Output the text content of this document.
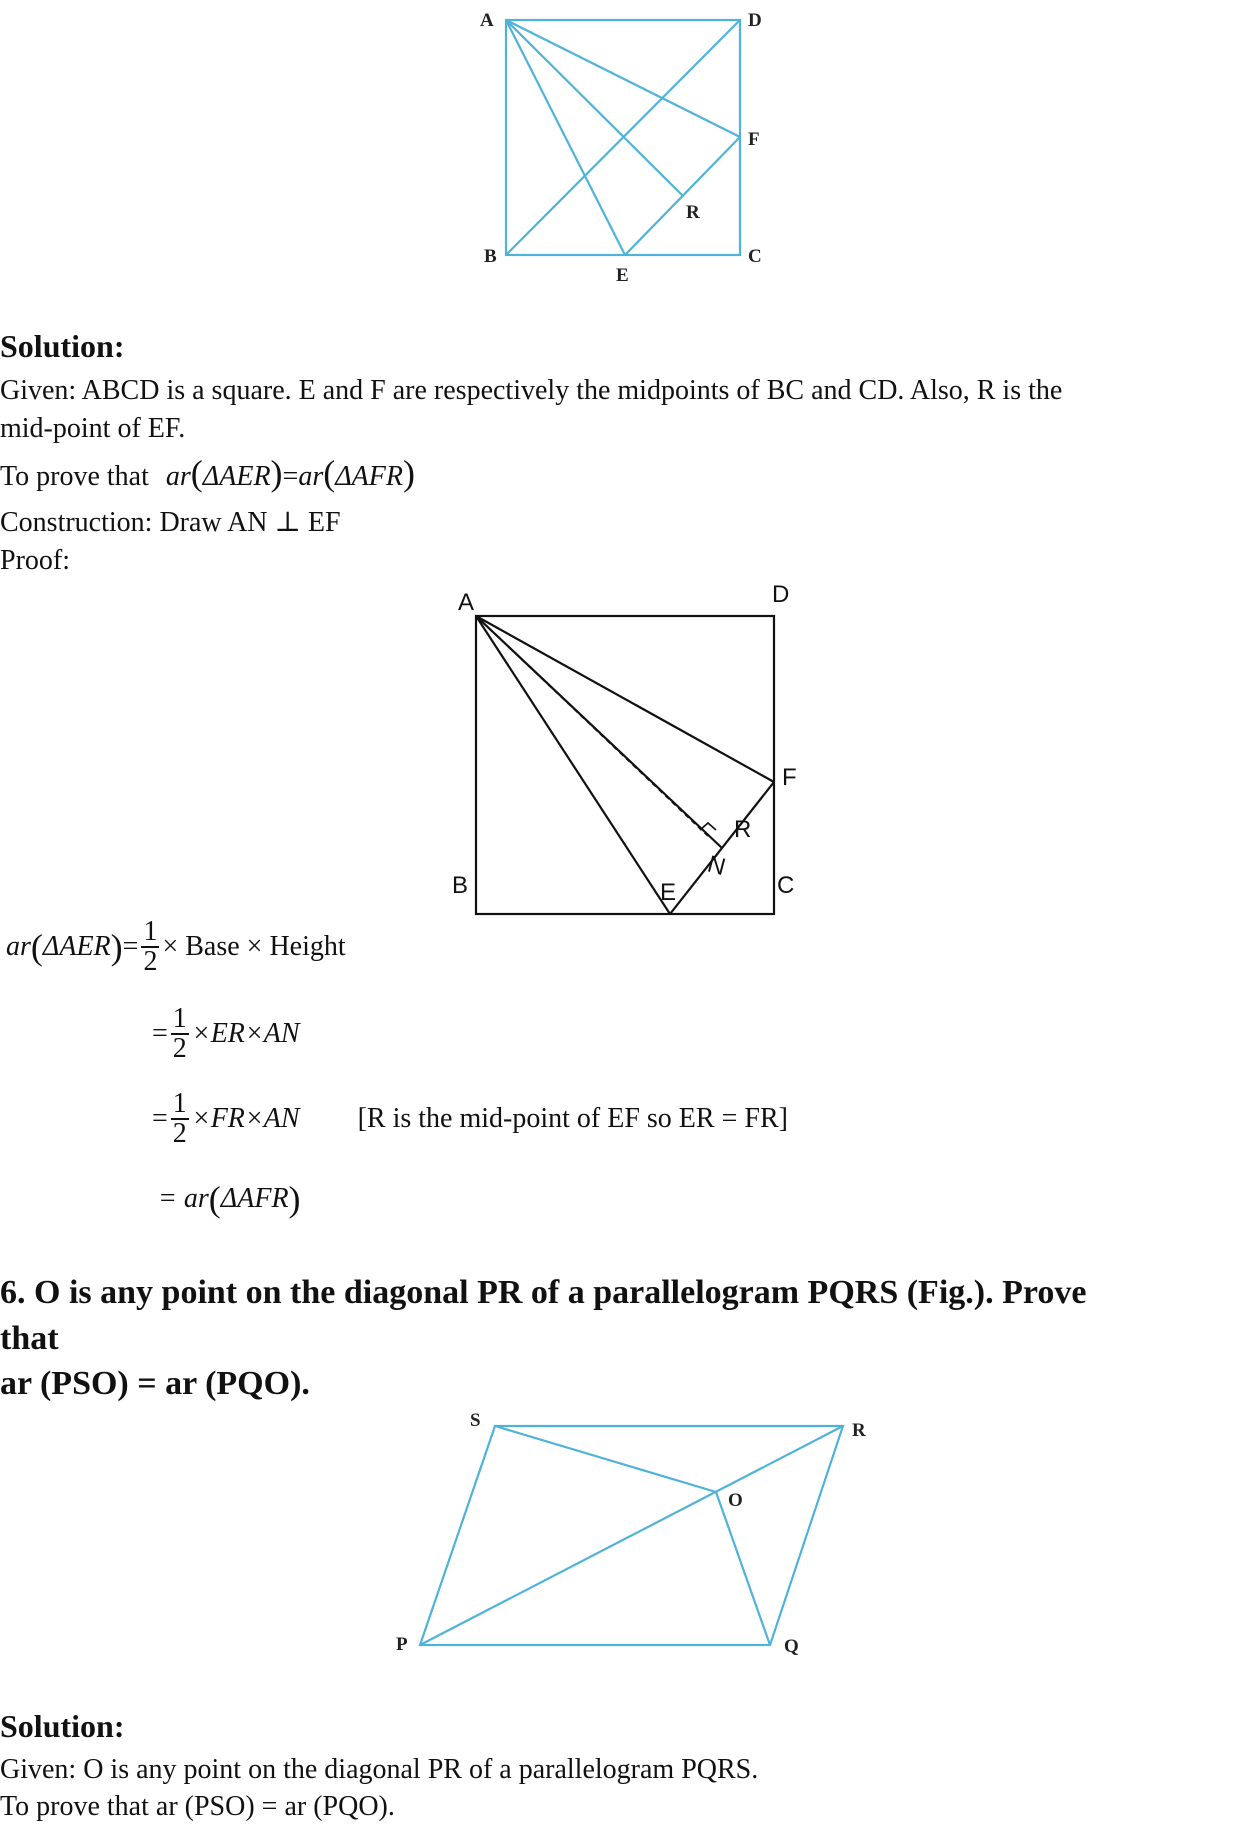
A	D
F
R
B
E
C
Solution:
Given: ABCD is a square. E and F are respectively the midpoints of BC and CD. Also, R is the
mid-point of EF.
To prove that ar(ΔAER)=ar(ΔAFR)
Construction: Draw AN ⊥ EF
Proof:
A	D
F
R
N
B	E	C
ar ( ΔAER ) = $\frac{1}{2}$ × Base × Height
= $\frac{1}{2} \times ER\times AN$
= $\frac{1}{2} \times FR\times AN$ [R is the mid-point of EF so ER = FR]
= ar ( ΔAFR )
6. O is any point on the diagonal PR of a parallelogram PQRS (Fig.). Prove
that
ar (PSO) = ar (PQO).
S	R
O
P	Q
Solution:
Given: O is any point on the diagonal PR of a parallelogram PQRS.
To prove that ar (PSO) = ar (PQO).
